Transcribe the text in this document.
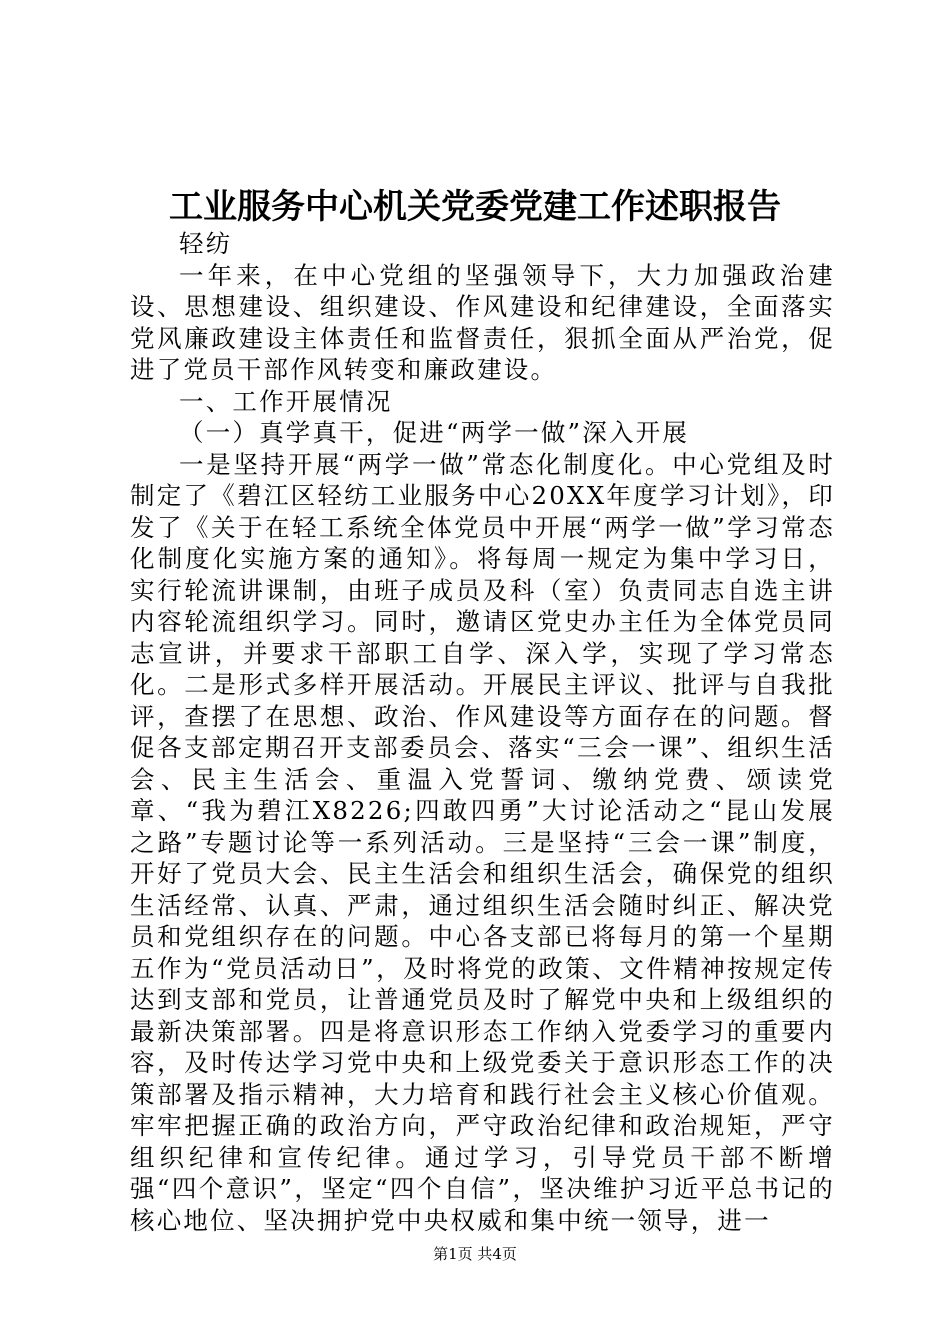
工业服务中心机关党委党建工作述职报告

轻纺

一年来，在中心党组的坚强领导下，大力加强政治建设、思想建设、组织建设、作风建设和纪律建设，全面落实党风廉政建设主体责任和监督责任，狠抓全面从严治党，促进了党员干部作风转变和廉政建设。

一、工作开展情况

（一）真学真干，促进“两学一做”深入开展

一是坚持开展“两学一做”常态化制度化。中心党组及时制定了《碧江区轻纺工业服务中心20XX年度学习计划》，印发了《关于在轻工系统全体党员中开展“两学一做”学习常态化制度化实施方案的通知》。将每周一规定为集中学习日，实行轮流讲课制，由班子成员及科（室）负责同志自选主讲内容轮流组织学习。同时，邀请区党史办主任为全体党员同志宣讲，并要求干部职工自学、深入学，实现了学习常态化。二是形式多样开展活动。开展民主评议、批评与自我批评，查摆了在思想、政治、作风建设等方面存在的问题。督促各支部定期召开支部委员会、落实“三会一课”、组织生活会、民主生活会、重温入党誓词、缴纳党费、颂读党章、“我为碧江X8226;四敢四勇”大讨论活动之“昆山发展之路”专题讨论等一系列活动。三是坚持“三会一课”制度，开好了党员大会、民主生活会和组织生活会，确保党的组织生活经常、认真、严肃，通过组织生活会随时纠正、解决党员和党组织存在的问题。中心各支部已将每月的第一个星期五作为“党员活动日”，及时将党的政策、文件精神按规定传达到支部和党员，让普通党员及时了解党中央和上级组织的最新决策部署。四是将意识形态工作纳入党委学习的重要内容，及时传达学习党中央和上级党委关于意识形态工作的决策部署及指示精神，大力培育和践行社会主义核心价值观。牢牢把握正确的政治方向，严守政治纪律和政治规矩，严守组织纪律和宣传纪律。通过学习，引导党员干部不断增强“四个意识”，坚定“四个自信”，坚决维护习近平总书记的核心地位、坚决拥护党中央权威和集中统一领导，进一

第1页 共4页
